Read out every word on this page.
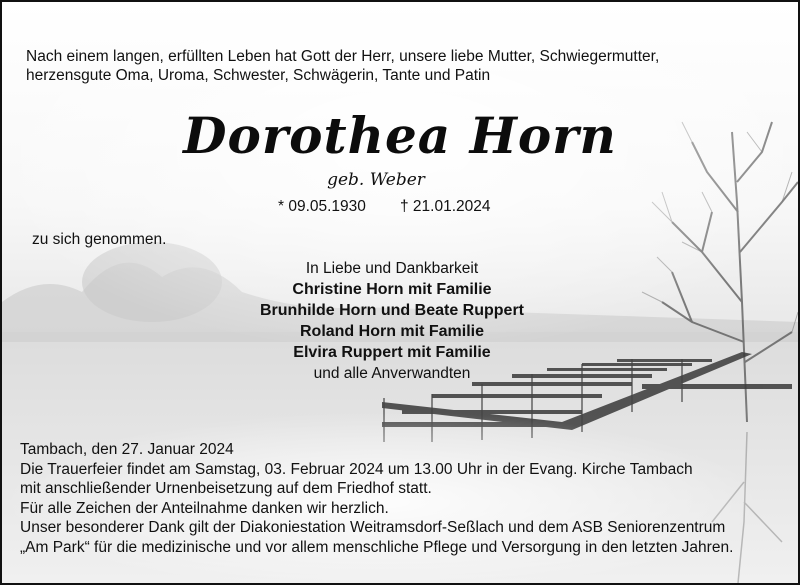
Nach einem langen, erfüllten Leben hat Gott der Herr, unsere liebe Mutter, Schwiegermutter,
herzensgute Oma, Uroma, Schwester, Schwägerin, Tante und Patin
Dorothea Horn
geb. Weber
* 09.05.1930 † 21.01.2024
zu sich genommen.
In Liebe und Dankbarkeit
Christine Horn mit Familie
Brunhilde Horn und Beate Ruppert
Roland Horn mit Familie
Elvira Ruppert mit Familie
und alle Anverwandten
Tambach, den 27. Januar 2024
Die Trauerfeier findet am Samstag, 03. Februar 2024 um 13.00 Uhr in der Evang. Kirche Tambach
mit anschließender Urnenbeisetzung auf dem Friedhof statt.
Für alle Zeichen der Anteilnahme danken wir herzlich.
Unser besonderer Dank gilt der Diakoniestation Weitramsdorf-Seßlach und dem ASB Seniorenzentrum
„Am Park“ für die medizinische und vor allem menschliche Pflege und Versorgung in den letzten Jahren.
